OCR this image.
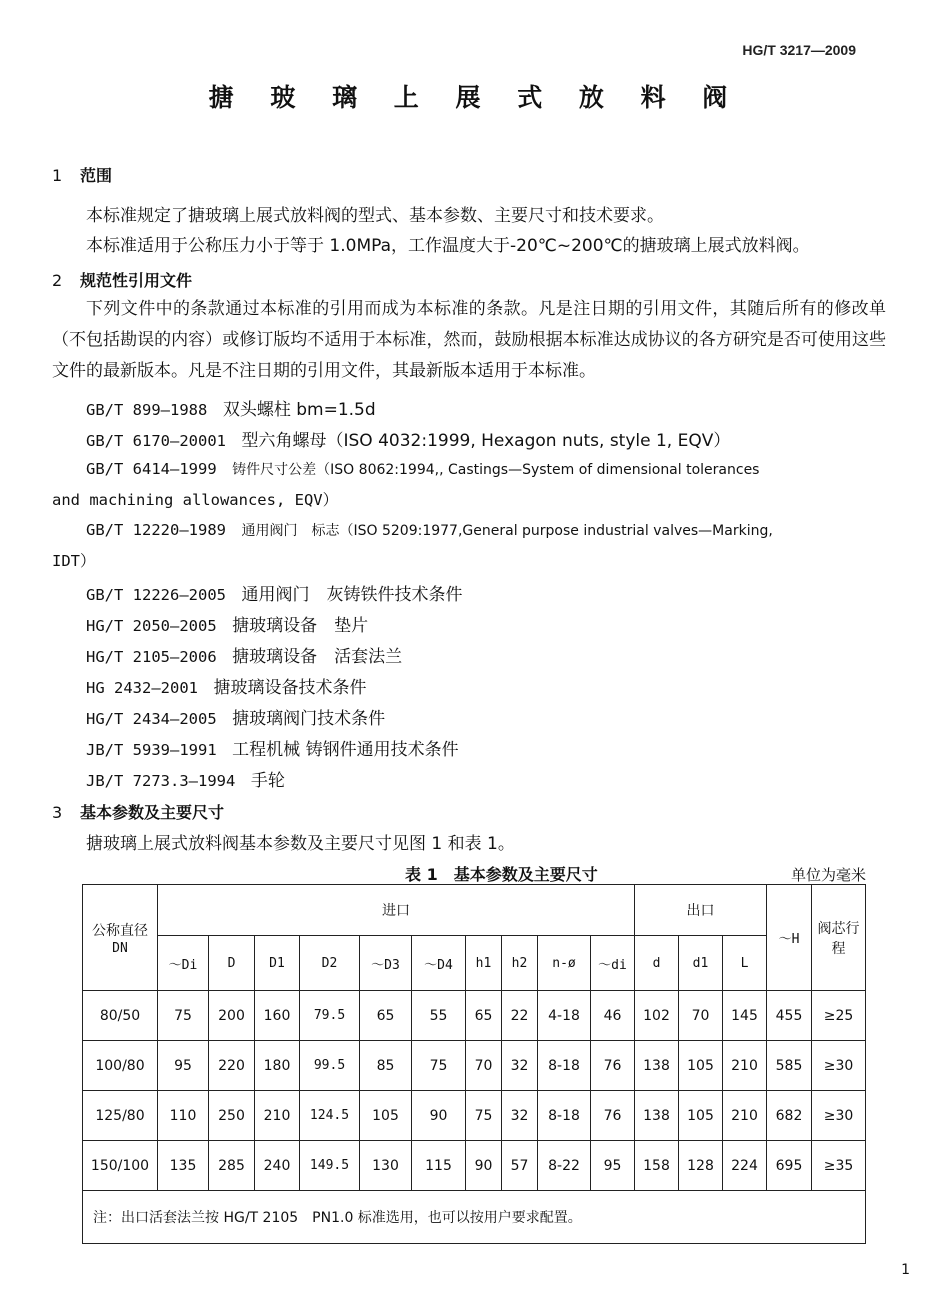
HG/T 3217—2009
搪 玻 璃 上 展 式 放 料 阀
1 范围
本标准规定了搪玻璃上展式放料阀的型式、基本参数、主要尺寸和技术要求。
本标准适用于公称压力小于等于 1.0MPa，工作温度大于-20℃~200℃的搪玻璃上展式放料阀。
2 规范性引用文件
下列文件中的条款通过本标准的引用而成为本标准的条款。凡是注日期的引用文件，其随后所有的修改单（不包括勘误的内容）或修订版均不适用于本标准，然而，鼓励根据本标准达成协议的各方研究是否可使用这些文件的最新版本。凡是不注日期的引用文件，其最新版本适用于本标准。
GB/T 899—1988　 双头螺柱 bm=1.5d
GB/T 6170—20001　 型六角螺母（ISO 4032:1999, Hexagon nuts, style 1, EQV）
GB/T 6414—1999　 铸件尺寸公差（ISO 8062:1994,, Castings—System of dimensional tolerances
and machining allowances, EQV）
GB/T 12220—1989　 通用阀门　标志（ISO 5209:1977,General purpose industrial valves—Marking,
IDT）
GB/T 12226—2005　 通用阀门　灰铸铁件技术条件
HG/T 2050—2005　 搪玻璃设备　垫片
HG/T 2105—2006　 搪玻璃设备　活套法兰
HG 2432—2001　 搪玻璃设备技术条件
HG/T 2434—2005　 搪玻璃阀门技术条件
JB/T 5939—1991　 工程机械 铸钢件通用技术条件
JB/T 7273.3—1994　 手轮
3 基本参数及主要尺寸
搪玻璃上展式放料阀基本参数及主要尺寸见图 1 和表 1。
表 1　基本参数及主要尺寸	单位为毫米
公称直径
DN	进口										出口			～H	阀芯行程
	～Di	D	D1	D2	～D3	～D4	h1	h2	n-ø	～di	d	d1	L		
80/50	75	200	160	79.5	65	55	65	22	4-18	46	102	70	145	455	≥25
100/80	95	220	180	99.5	85	75	70	32	8-18	76	138	105	210	585	≥30
125/80	110	250	210	124.5	105	90	75	32	8-18	76	138	105	210	682	≥30
150/100	135	285	240	149.5	130	115	90	57	8-22	95	158	128	224	695	≥35
注：出口活套法兰按 HG/T 2105　PN1.0 标准选用，也可以按用户要求配置。															
1
